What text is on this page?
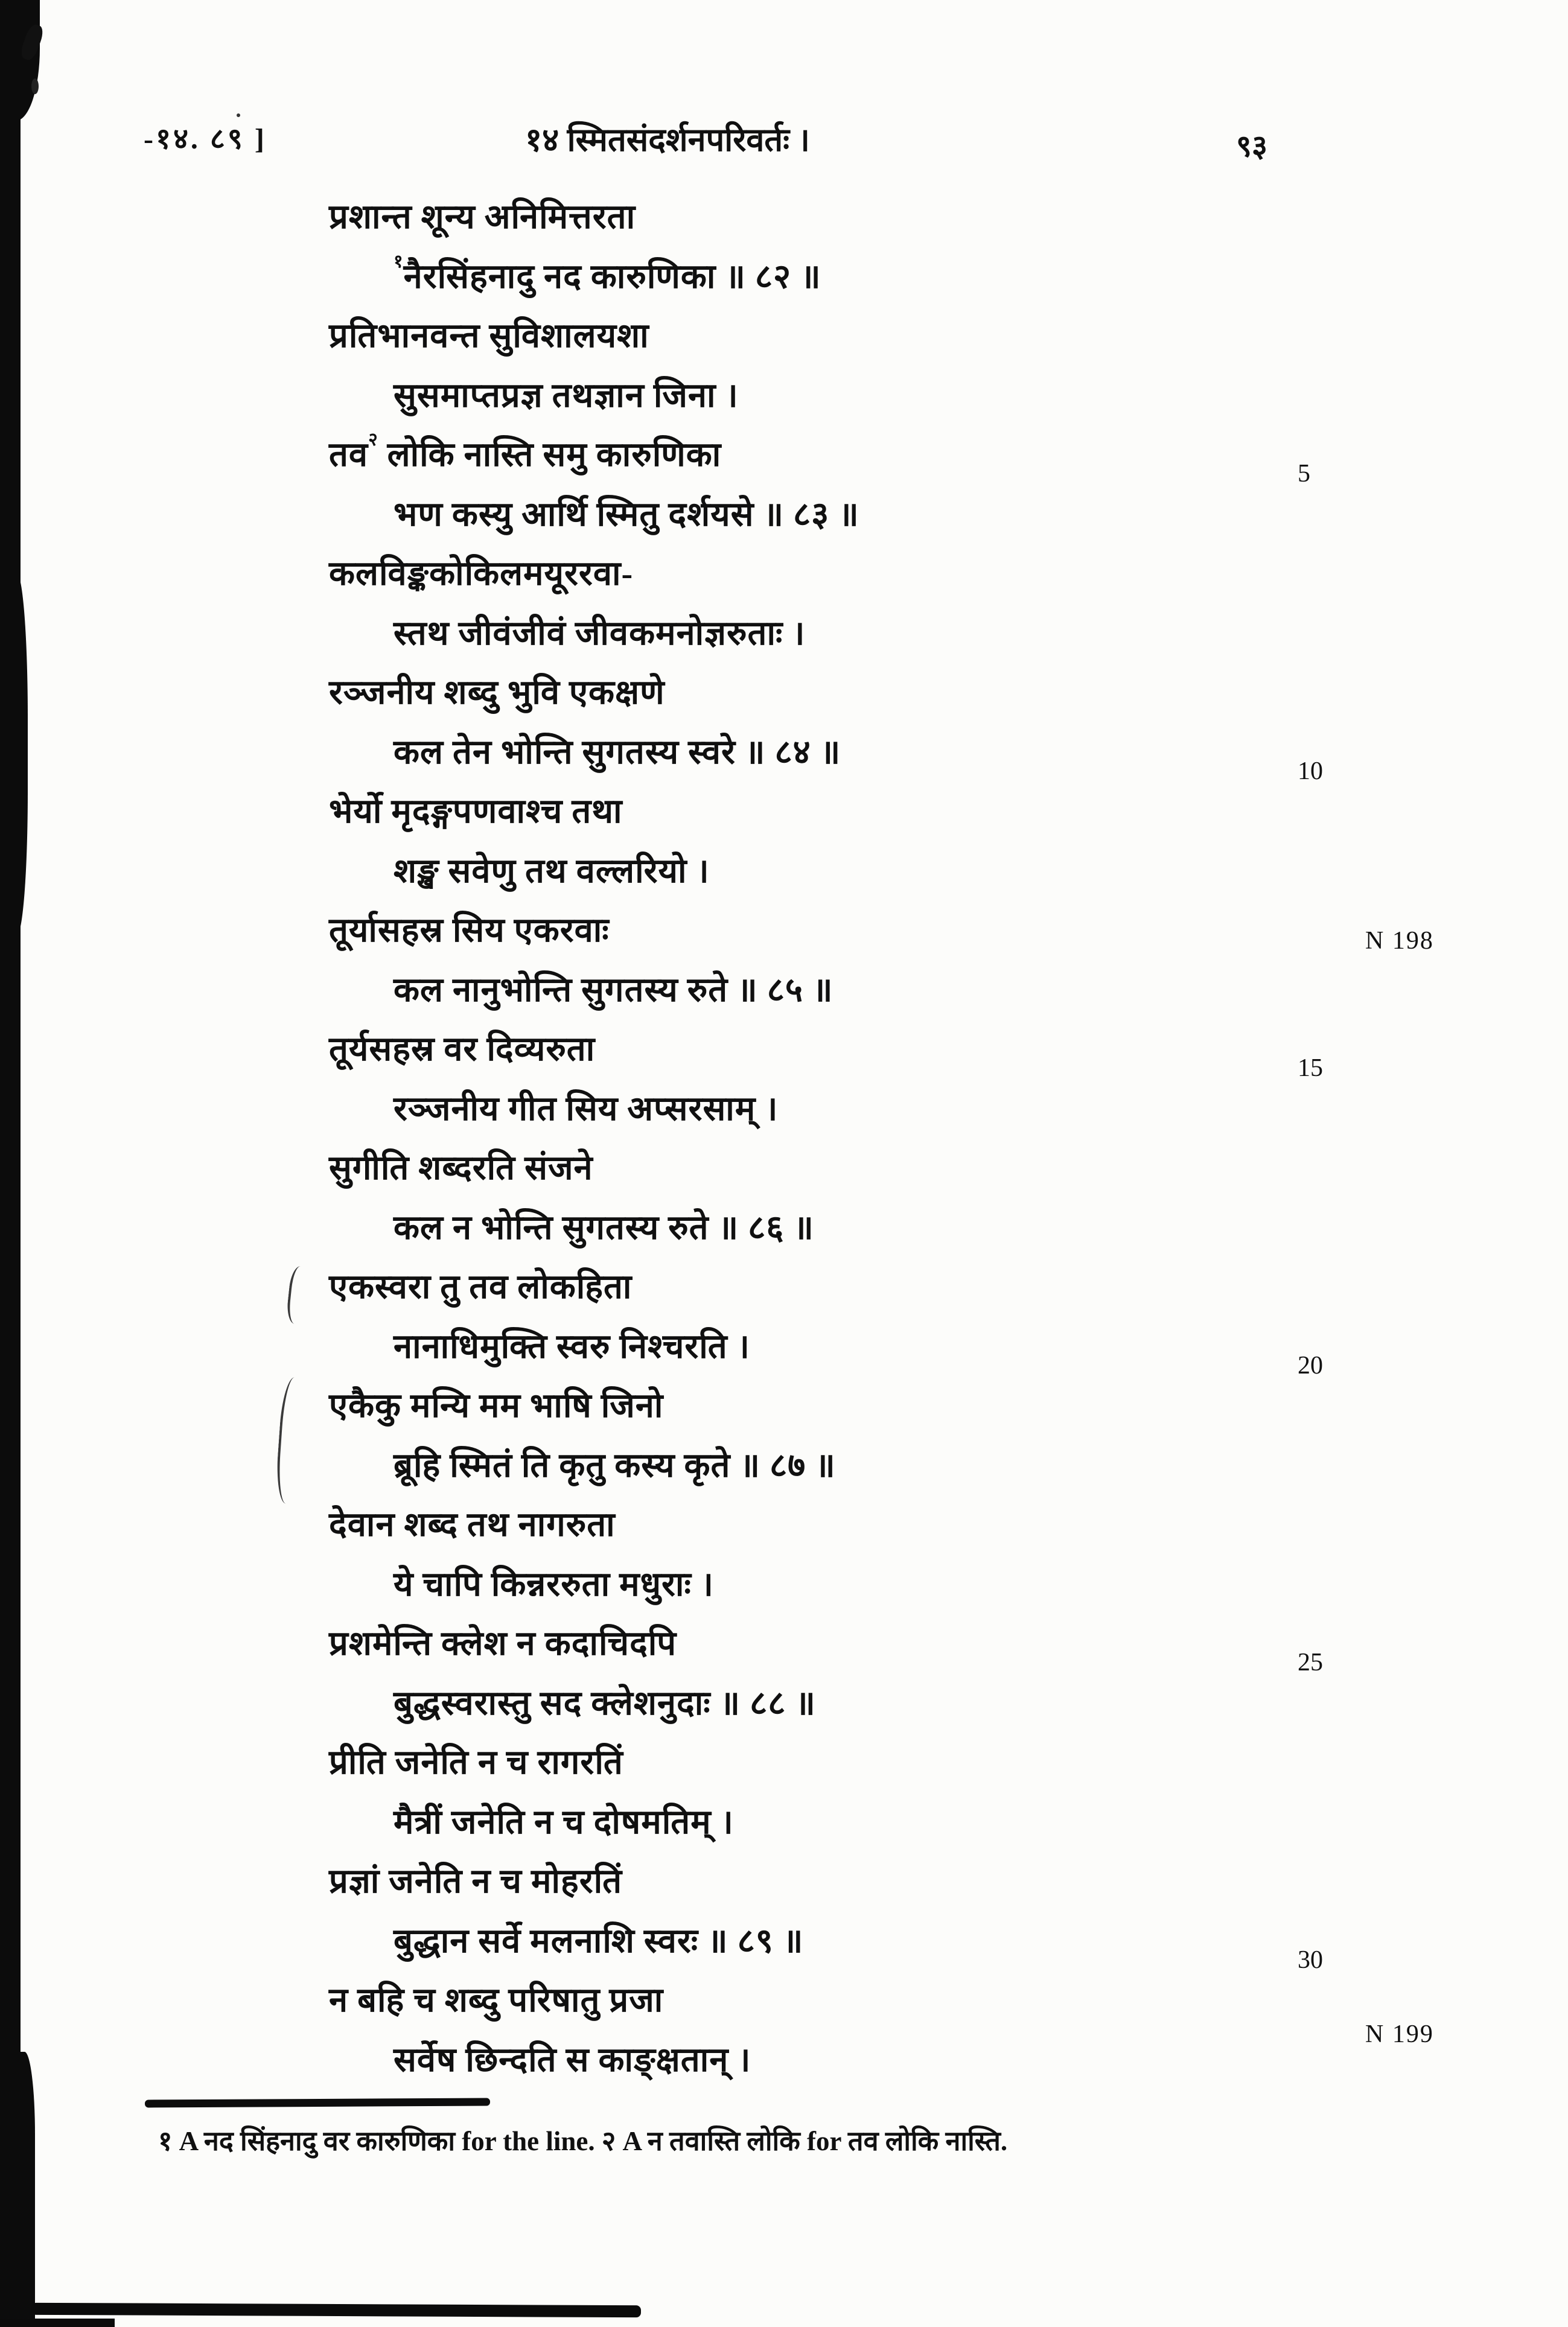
-१४. ८९ ]	१४ स्मितसंदर्शनपरिवर्तः ।	९३
प्रशान्त शून्य अनिमित्तरता
$^१$नैरसिंहनादु नद कारुणिका ॥ ८२ ॥
प्रतिभानवन्त सुविशालयशा
सुसमाप्तप्रज्ञ तथज्ञान जिना ।
तव$^२$ लोकि नास्ति समु कारुणिका
भण कस्यु आर्थि स्मितु दर्शयसे ॥ ८३ ॥
कलविङ्ककोकिलमयूररवा-
स्तथ जीवंजीवं जीवकमनोज्ञरुताः ।
रञ्जनीय शब्दु भुवि एकक्षणे
कल तेन भोन्ति सुगतस्य स्वरे ॥ ८४ ॥
भेर्यो मृदङ्गपणवाश्च तथा
शङ्ख सवेणु तथ वल्लरियो ।
तूर्यासहस्र सिय एकरवाः
कल नानुभोन्ति सुगतस्य रुते ॥ ८५ ॥
तूर्यसहस्र वर दिव्यरुता
रञ्जनीय गीत सिय अप्सरसाम् ।
सुगीति शब्दरति संजने
कल न भोन्ति सुगतस्य रुते ॥ ८६ ॥
एकस्वरा तु तव लोकहिता
नानाधिमुक्ति स्वरु निश्चरति ।
एकैकु मन्यि मम भाषि जिनो
ब्रूहि स्मितं ति कृतु कस्य कृते ॥ ८७ ॥
देवान शब्द तथ नागरुता
ये चापि किन्नररुता मधुराः ।
प्रशमेन्ति क्लेश न कदाचिदपि
बुद्धस्वरास्तु सद क्लेशनुदाः ॥ ८८ ॥
प्रीति जनेति न च रागरतिं
मैत्रीं जनेति न च दोषमतिम् ।
प्रज्ञां जनेति न च मोहरतिं
बुद्धान सर्वे मलनाशि स्वरः ॥ ८९ ॥
न बहि च शब्दु परिषातु प्रजा
सर्वेष छिन्दति स काङ्क्षतान् ।
5
10
N 198
15
20
25
30
N 199
१ A नद सिंहनादु वर कारुणिका for the line. २ A न तवास्ति लोकि for तव लोकि नास्ति.
